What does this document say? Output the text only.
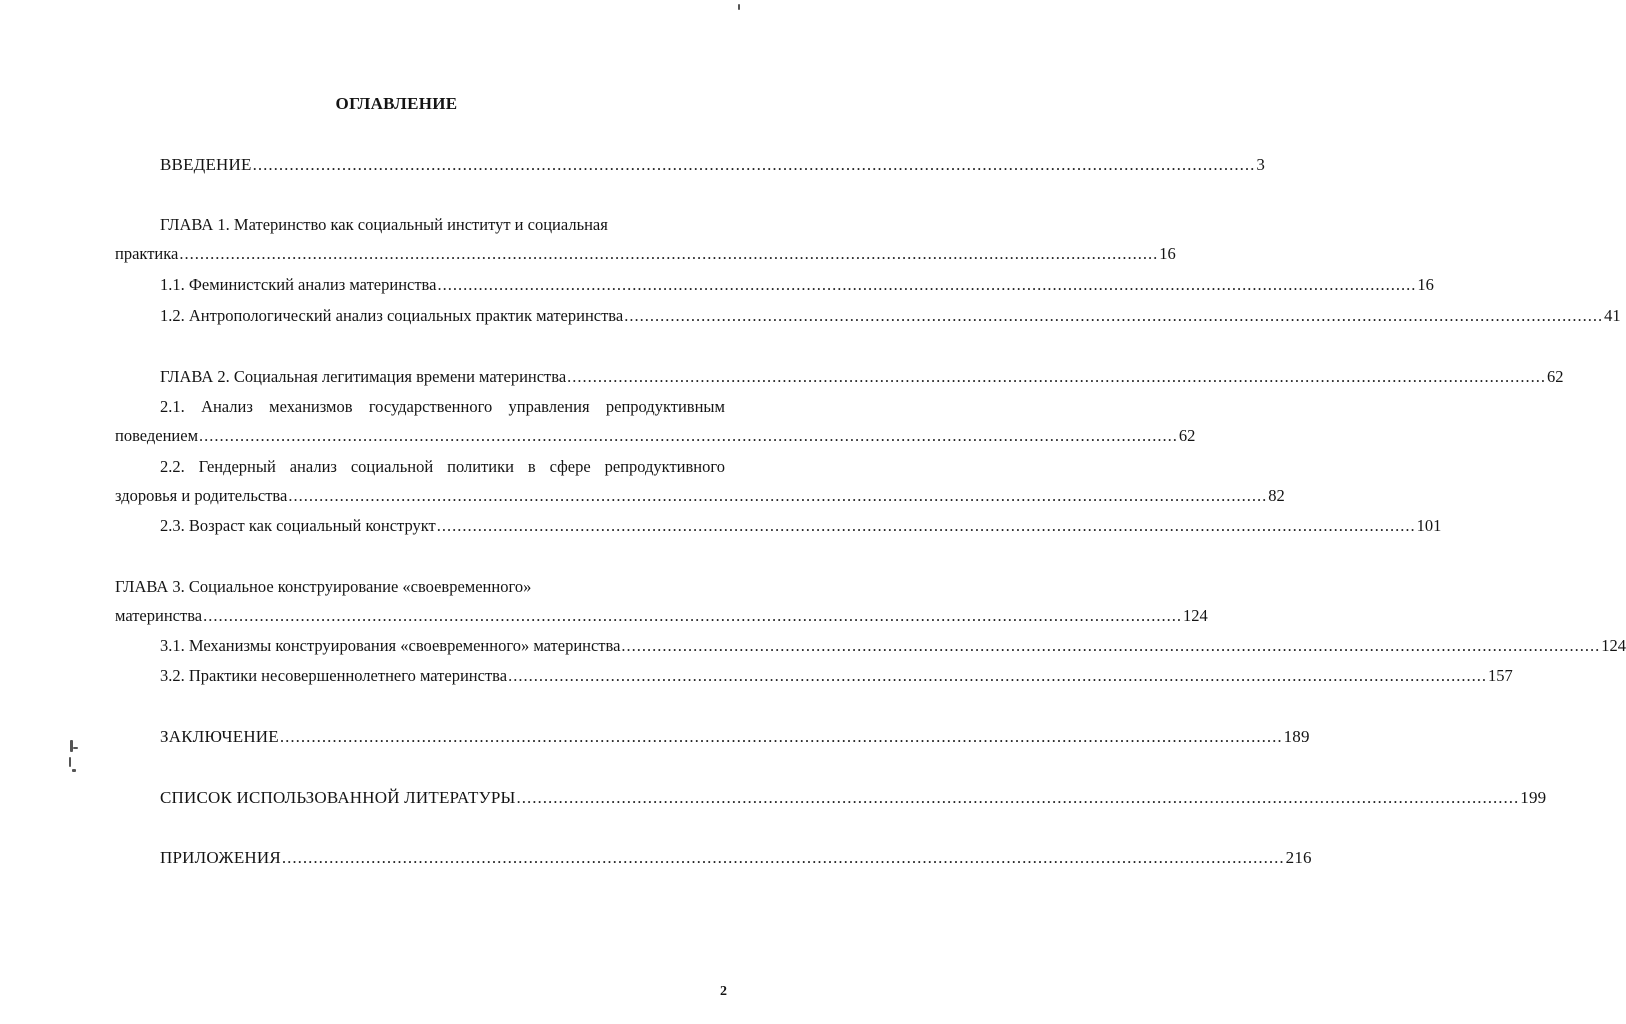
ОГЛАВЛЕНИЕ
ВВЕДЕНИЕ ............................................................................................................................................................................................... 3
ГЛАВА 1. Материнство как социальный институт и социальная
практика ............................................................................................................................................................................................... 16
1.1. Феминистский анализ материнства ............................................................................................................................................................................................... 16
1.2. Антропологический анализ социальных практик материнства ............................................................................................................................................................................................... 41
ГЛАВА 2. Социальная легитимация времени материнства ............................................................................................................................................................................................... 62
2.1. Анализ механизмов государственного управления репродуктивным
поведением ............................................................................................................................................................................................... 62
2.2. Гендерный анализ социальной политики в сфере репродуктивного
здоровья и родительства ............................................................................................................................................................................................... 82
2.3. Возраст как социальный конструкт ............................................................................................................................................................................................... 101
ГЛАВА 3. Социальное конструирование «своевременного»
материнства ............................................................................................................................................................................................... 124
3.1. Механизмы конструирования «своевременного» материнства ............................................................................................................................................................................................... 124
3.2. Практики несовершеннолетнего материнства ............................................................................................................................................................................................... 157
ЗАКЛЮЧЕНИЕ ............................................................................................................................................................................................... 189
СПИСОК ИСПОЛЬЗОВАННОЙ ЛИТЕРАТУРЫ ............................................................................................................................................................................................... 199
ПРИЛОЖЕНИЯ ............................................................................................................................................................................................... 216
2
